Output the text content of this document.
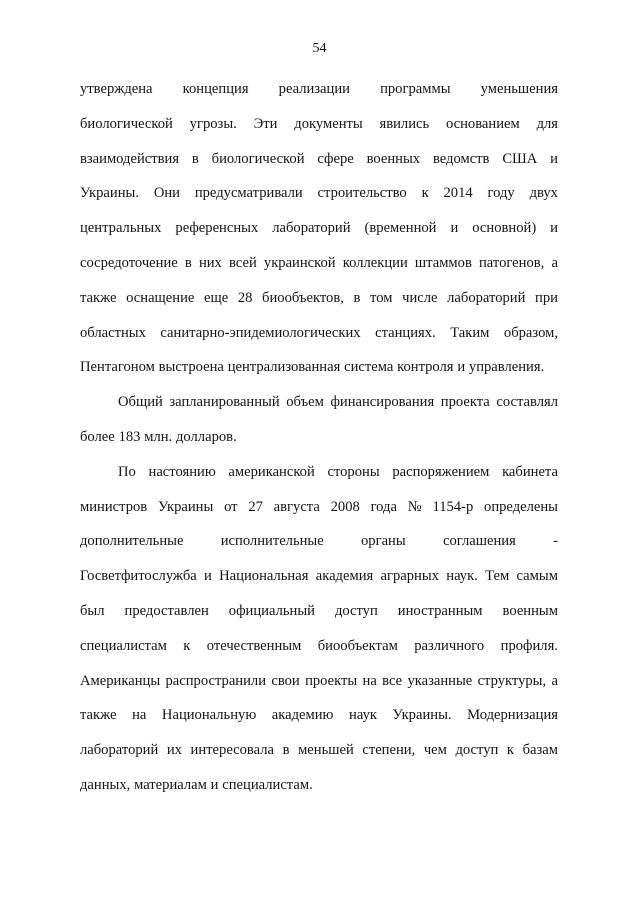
54
утверждена концепция реализации программы уменьшения
биологической угрозы. Эти документы явились основанием для
взаимодействия в биологической сфере военных ведомств США и
Украины. Они предусматривали строительство к 2014 году двух
центральных референсных лабораторий (временной и основной) и
сосредоточение в них всей украинской коллекции штаммов патогенов, а
также оснащение еще 28 биообъектов, в том числе лабораторий при
областных санитарно-эпидемиологических станциях. Таким образом,
Пентагоном выстроена централизованная система контроля и управления.
Общий запланированный объем финансирования проекта составлял
более 183 млн. долларов.
По настоянию американской стороны распоряжением кабинета
министров Украины от 27 августа 2008 года № 1154-р определены
дополнительные	исполнительные	органы	соглашения	-
Госветфитослужба и Национальная академия аграрных наук. Тем самым
был предоставлен официальный доступ иностранным военным
специалистам к отечественным биообъектам различного профиля.
Американцы распространили свои проекты на все указанные структуры, а
также на Национальную академию наук Украины. Модернизация
лабораторий их интересовала в меньшей степени, чем доступ к базам
данных, материалам и специалистам.
